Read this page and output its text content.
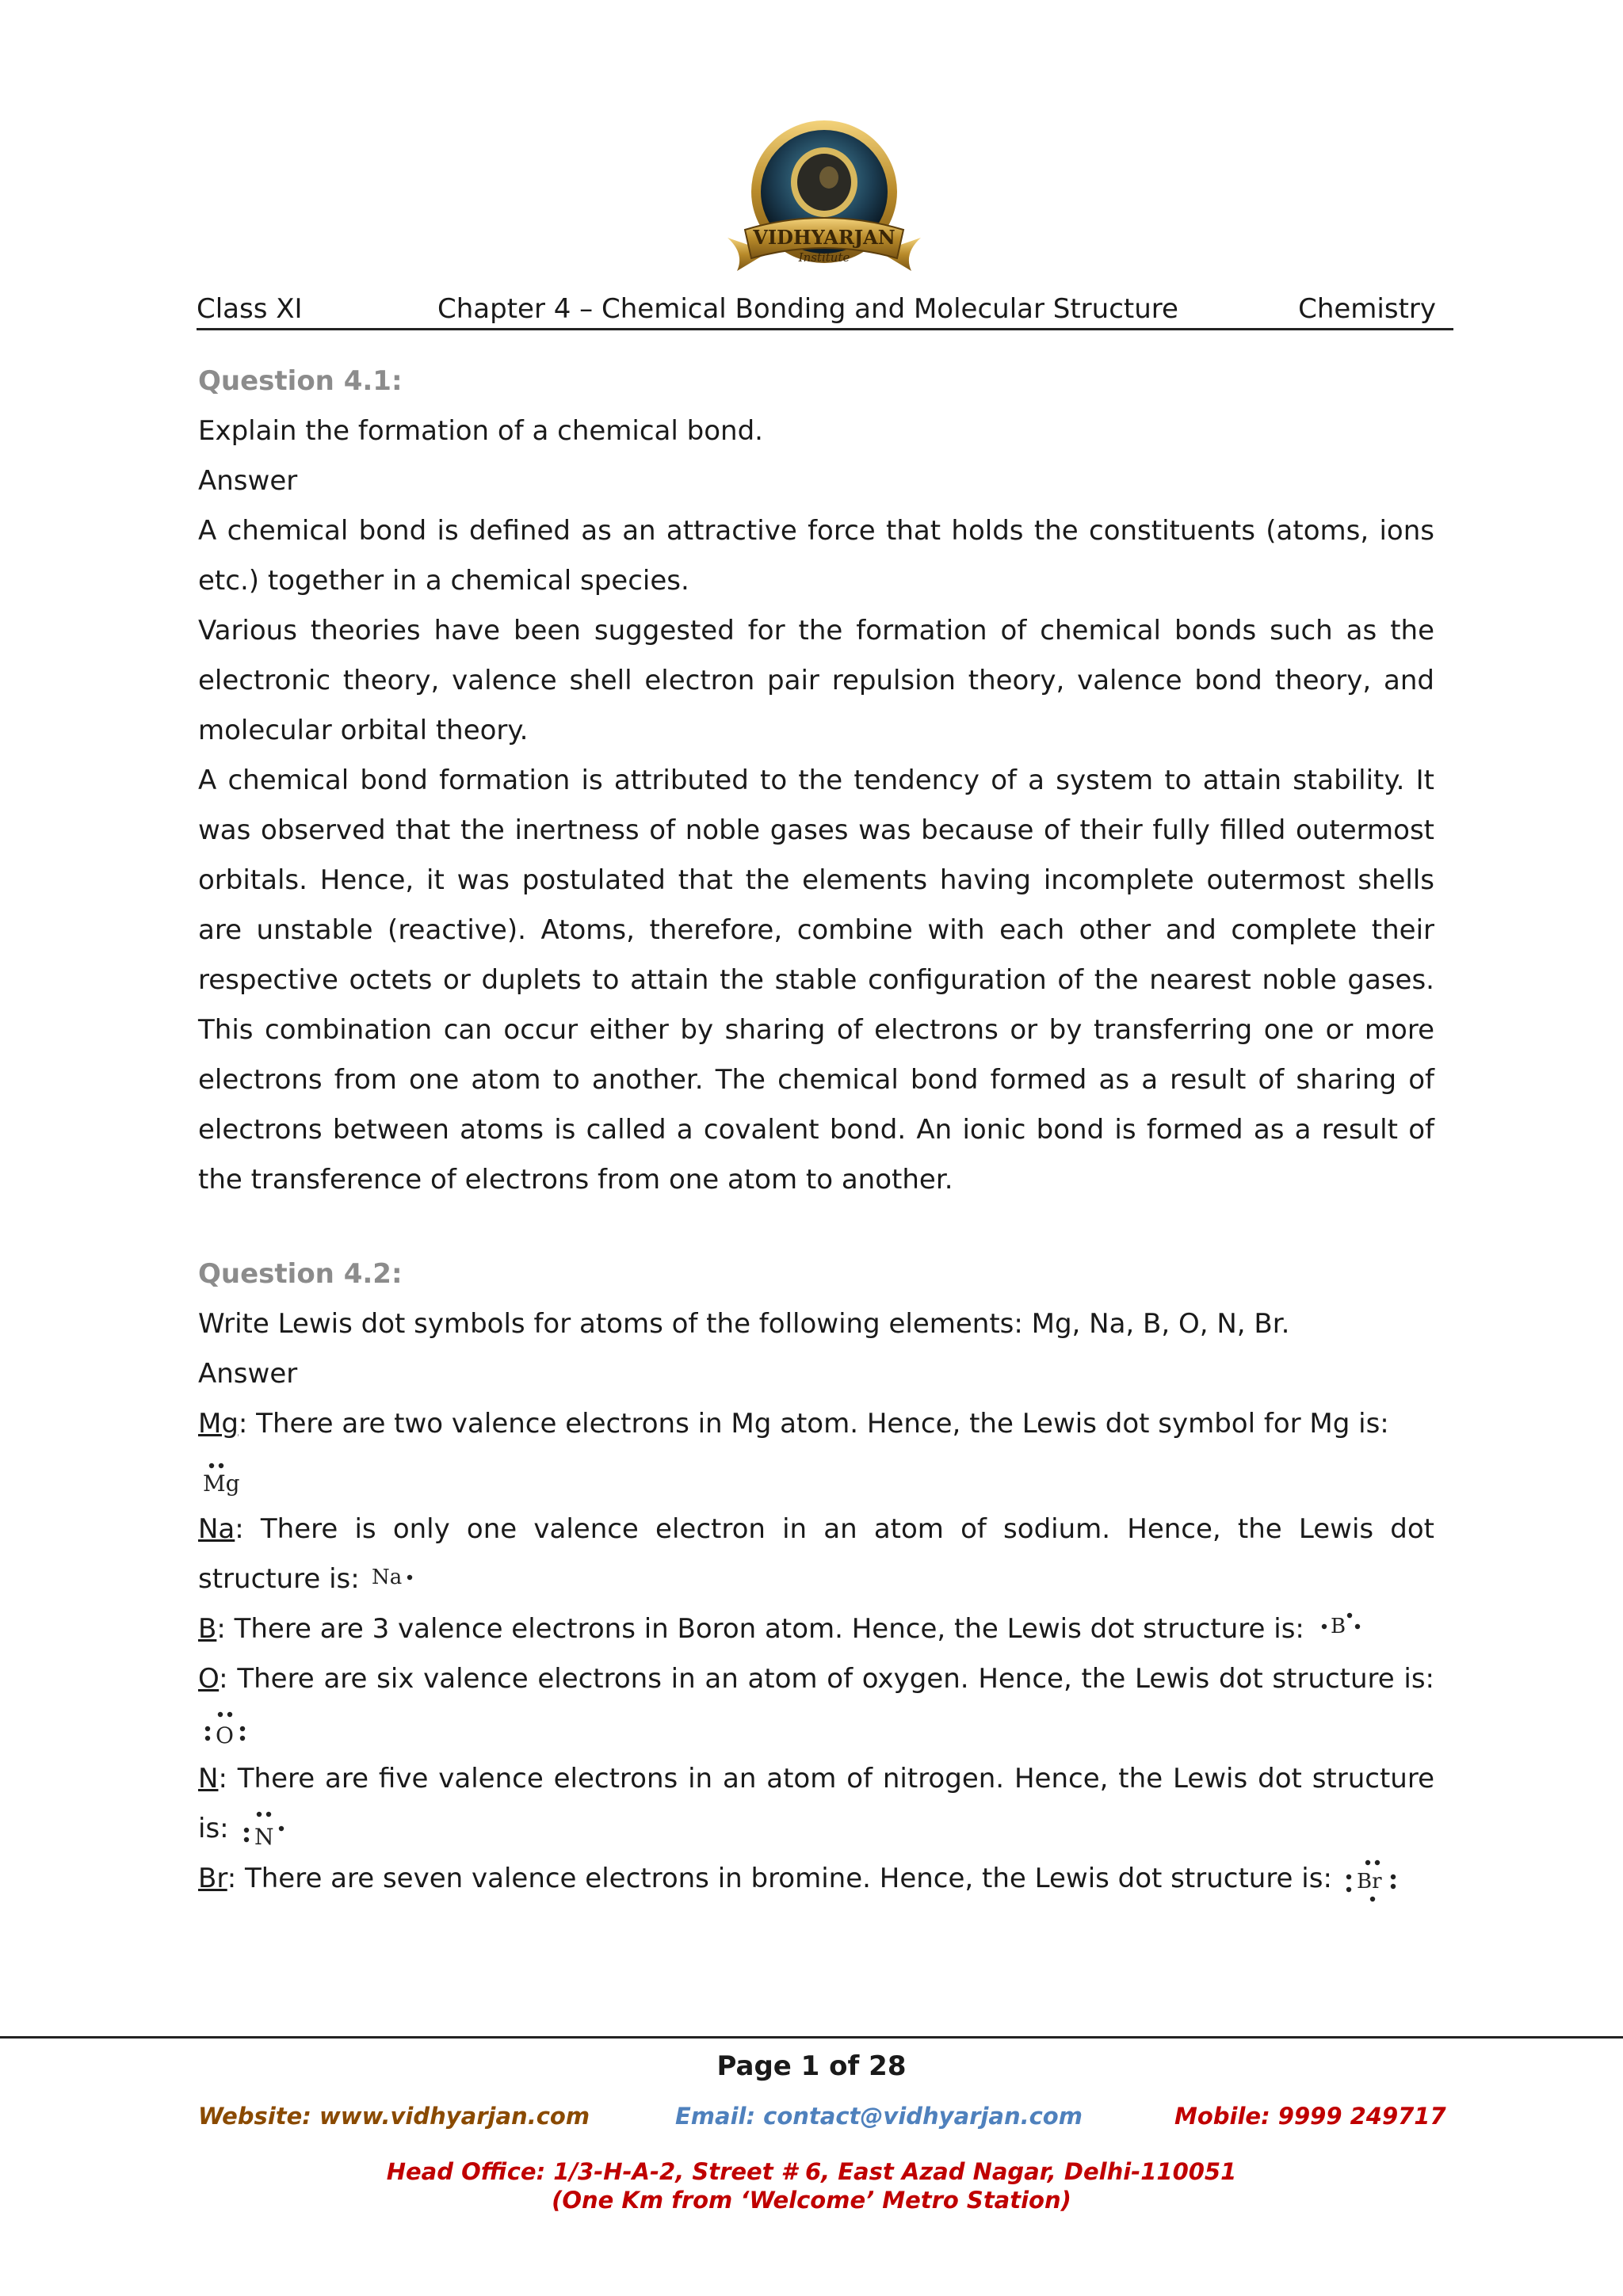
VIDHYARJAN
Institute
Class XI	Chapter 4 – Chemical Bonding and Molecular Structure	Chemistry

Question 4.1:

Explain the formation of a chemical bond.

Answer

A chemical bond is defined as an attractive force that holds the constituents (atoms, ions etc.) together in a chemical species.

Various theories have been suggested for the formation of chemical bonds such as the electronic theory, valence shell electron pair repulsion theory, valence bond theory, and molecular orbital theory.

A chemical bond formation is attributed to the tendency of a system to attain stability. It was observed that the inertness of noble gases was because of their fully filled outermost orbitals. Hence, it was postulated that the elements having incomplete outermost shells are unstable (reactive). Atoms, therefore, combine with each other and complete their respective octets or duplets to attain the stable configuration of the nearest noble gases. This combination can occur either by sharing of electrons or by transferring one or more electrons from one atom to another. The chemical bond formed as a result of sharing of electrons between atoms is called a covalent bond. An ionic bond is formed as a result of the transference of electrons from one atom to another.

Question 4.2:

Write Lewis dot symbols for atoms of the following elements: Mg, Na, B, O, N, Br.

Answer

Mg: There are two valence electrons in Mg atom. Hence, the Lewis dot symbol for Mg is:

Mg

Na: There is only one valence electron in an atom of sodium. Hence, the Lewis dot structure is: Na

B: There are 3 valence electrons in Boron atom. Hence, the Lewis dot structure is: B

O: There are six valence electrons in an atom of oxygen. Hence, the Lewis dot structure is:
O

N: There are five valence electrons in an atom of nitrogen. Hence, the Lewis dot structure is: N

Br: There are seven valence electrons in bromine. Hence, the Lewis dot structure is: Br

Page 1 of 28
Website: www.vidhyarjan.com	Email: contact@vidhyarjan.com	Mobile: 9999 249717
Head Office: 1/3-H-A-2, Street # 6, East Azad Nagar, Delhi-110051
(One Km from ‘Welcome’ Metro Station)
